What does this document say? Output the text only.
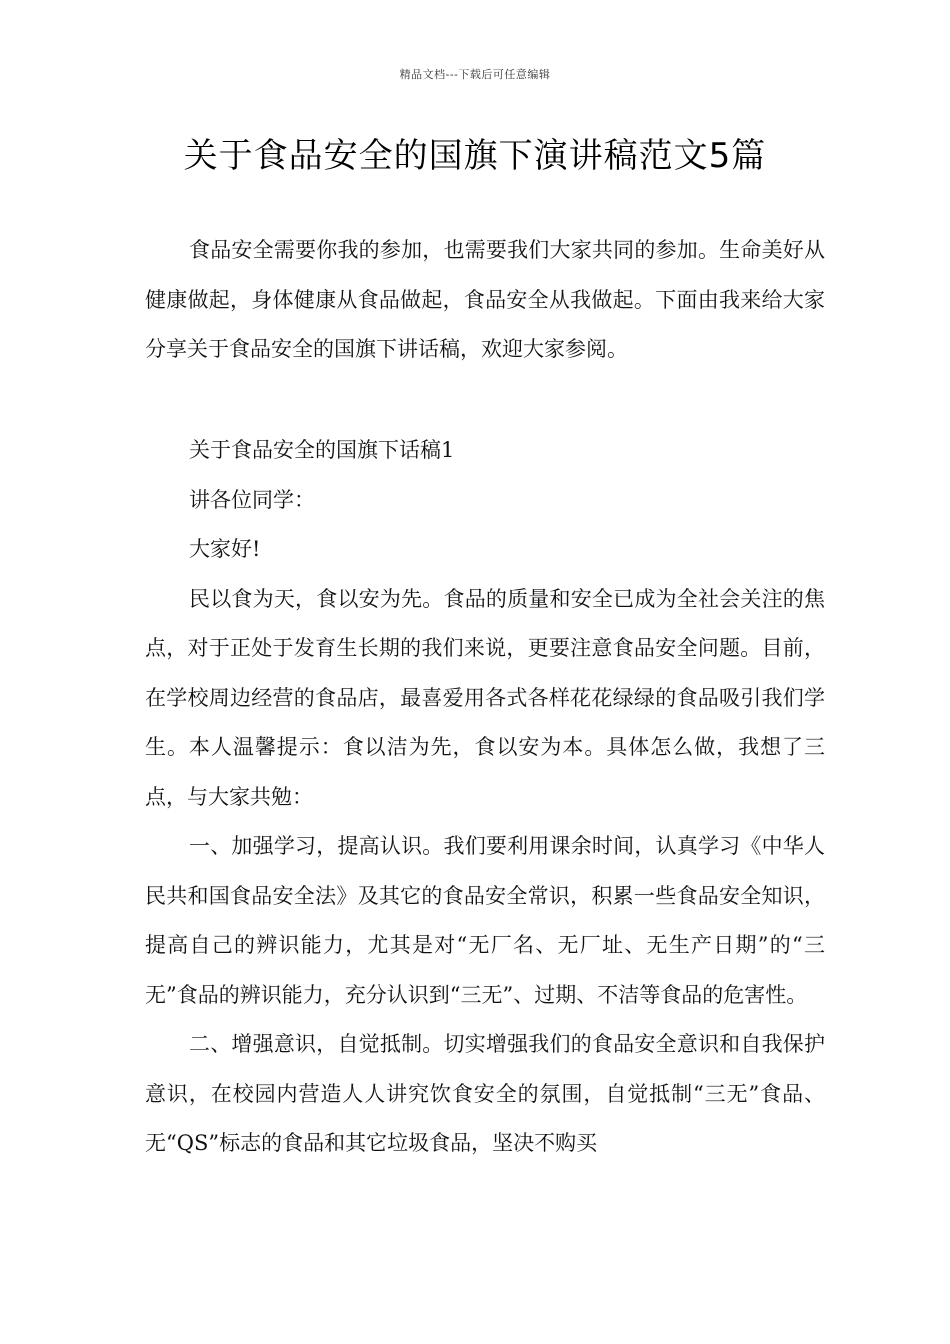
精品文档---下载后可任意编辑
关于食品安全的国旗下演讲稿范文5篇

食品安全需要你我的参加，也需要我们大家共同的参加。生命美好从健康做起，身体健康从食品做起，食品安全从我做起。下面由我来给大家分享关于食品安全的国旗下讲话稿，欢迎大家参阅。

关于食品安全的国旗下话稿1

讲各位同学：

大家好!

民以食为天，食以安为先。食品的质量和安全已成为全社会关注的焦点，对于正处于发育生长期的我们来说，更要注意食品安全问题。目前，在学校周边经营的食品店，最喜爱用各式各样花花绿绿的食品吸引我们学生。本人温馨提示：食以洁为先，食以安为本。具体怎么做，我想了三点，与大家共勉：

一、加强学习，提高认识。我们要利用课余时间，认真学习《中华人民共和国食品安全法》及其它的食品安全常识，积累一些食品安全知识，提高自己的辨识能力，尤其是对“无厂名、无厂址、无生产日期”的“三无”食品的辨识能力，充分认识到“三无”、过期、不洁等食品的危害性。

二、增强意识，自觉抵制。切实增强我们的食品安全意识和自我保护意识，在校园内营造人人讲究饮食安全的氛围，自觉抵制“三无”食品、无“QS”标志的食品和其它垃圾食品，坚决不购买
